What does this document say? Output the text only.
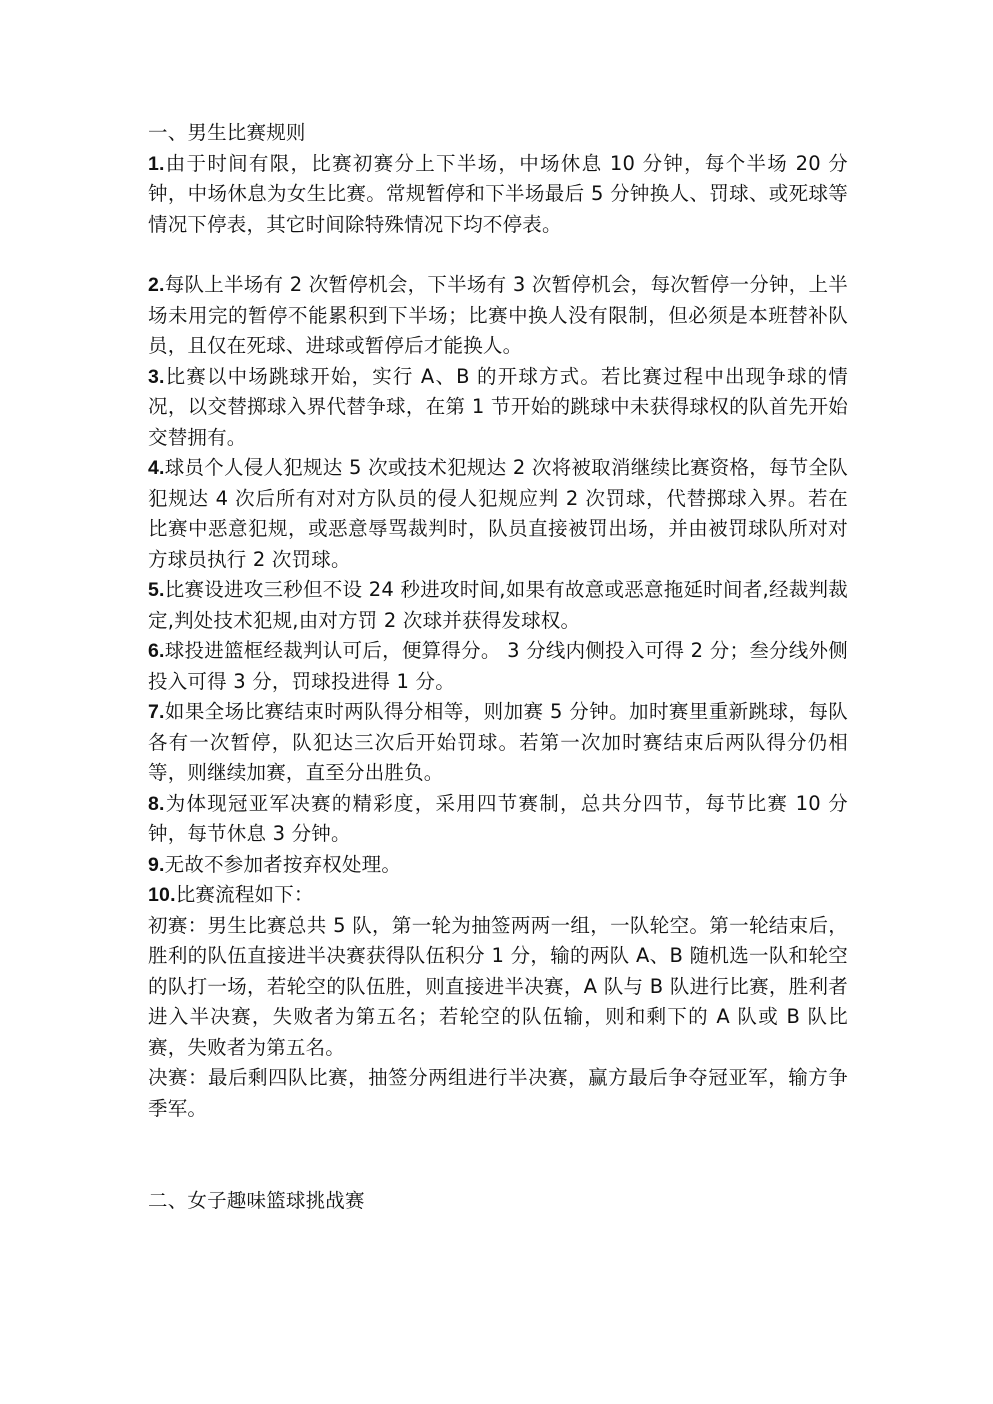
一、男生比赛规则

1.由于时间有限，比赛初赛分上下半场，中场休息 10 分钟，每个半场 20 分钟，中场休息为女生比赛。常规暂停和下半场最后 5 分钟换人、罚球、或死球等情况下停表，其它时间除特殊情况下均不停表。

2.每队上半场有 2 次暂停机会，下半场有 3 次暂停机会，每次暂停一分钟，上半场未用完的暂停不能累积到下半场；比赛中换人没有限制，但必须是本班替补队员，且仅在死球、进球或暂停后才能换人。

3.比赛以中场跳球开始，实行 A、B 的开球方式。若比赛过程中出现争球的情况，以交替掷球入界代替争球，在第 1 节开始的跳球中未获得球权的队首先开始交替拥有。

4.球员个人侵人犯规达 5 次或技术犯规达 2 次将被取消继续比赛资格，每节全队犯规达 4 次后所有对对方队员的侵人犯规应判 2 次罚球，代替掷球入界。若在比赛中恶意犯规，或恶意辱骂裁判时，队员直接被罚出场，并由被罚球队所对对方球员执行 2 次罚球。

5.比赛设进攻三秒但不设 24 秒进攻时间,如果有故意或恶意拖延时间者,经裁判裁定,判处技术犯规,由对方罚 2 次球并获得发球权。

6.球投进篮框经裁判认可后，便算得分。 3 分线内侧投入可得 2 分；叁分线外侧投入可得 3 分，罚球投进得 1 分。

7.如果全场比赛结束时两队得分相等，则加赛 5 分钟。加时赛里重新跳球，每队各有一次暂停，队犯达三次后开始罚球。若第一次加时赛结束后两队得分仍相等，则继续加赛，直至分出胜负。

8.为体现冠亚军决赛的精彩度，采用四节赛制，总共分四节，每节比赛 10 分钟，每节休息 3 分钟。

9.无故不参加者按弃权处理。

10.比赛流程如下：

初赛：男生比赛总共 5 队，第一轮为抽签两两一组，一队轮空。第一轮结束后，胜利的队伍直接进半决赛获得队伍积分 1 分，输的两队 A、B 随机选一队和轮空的队打一场，若轮空的队伍胜，则直接进半决赛，A 队与 B 队进行比赛，胜利者进入半决赛，失败者为第五名；若轮空的队伍输，则和剩下的 A 队或 B 队比赛，失败者为第五名。

决赛：最后剩四队比赛，抽签分两组进行半决赛，赢方最后争夺冠亚军，输方争季军。

二、女子趣味篮球挑战赛
